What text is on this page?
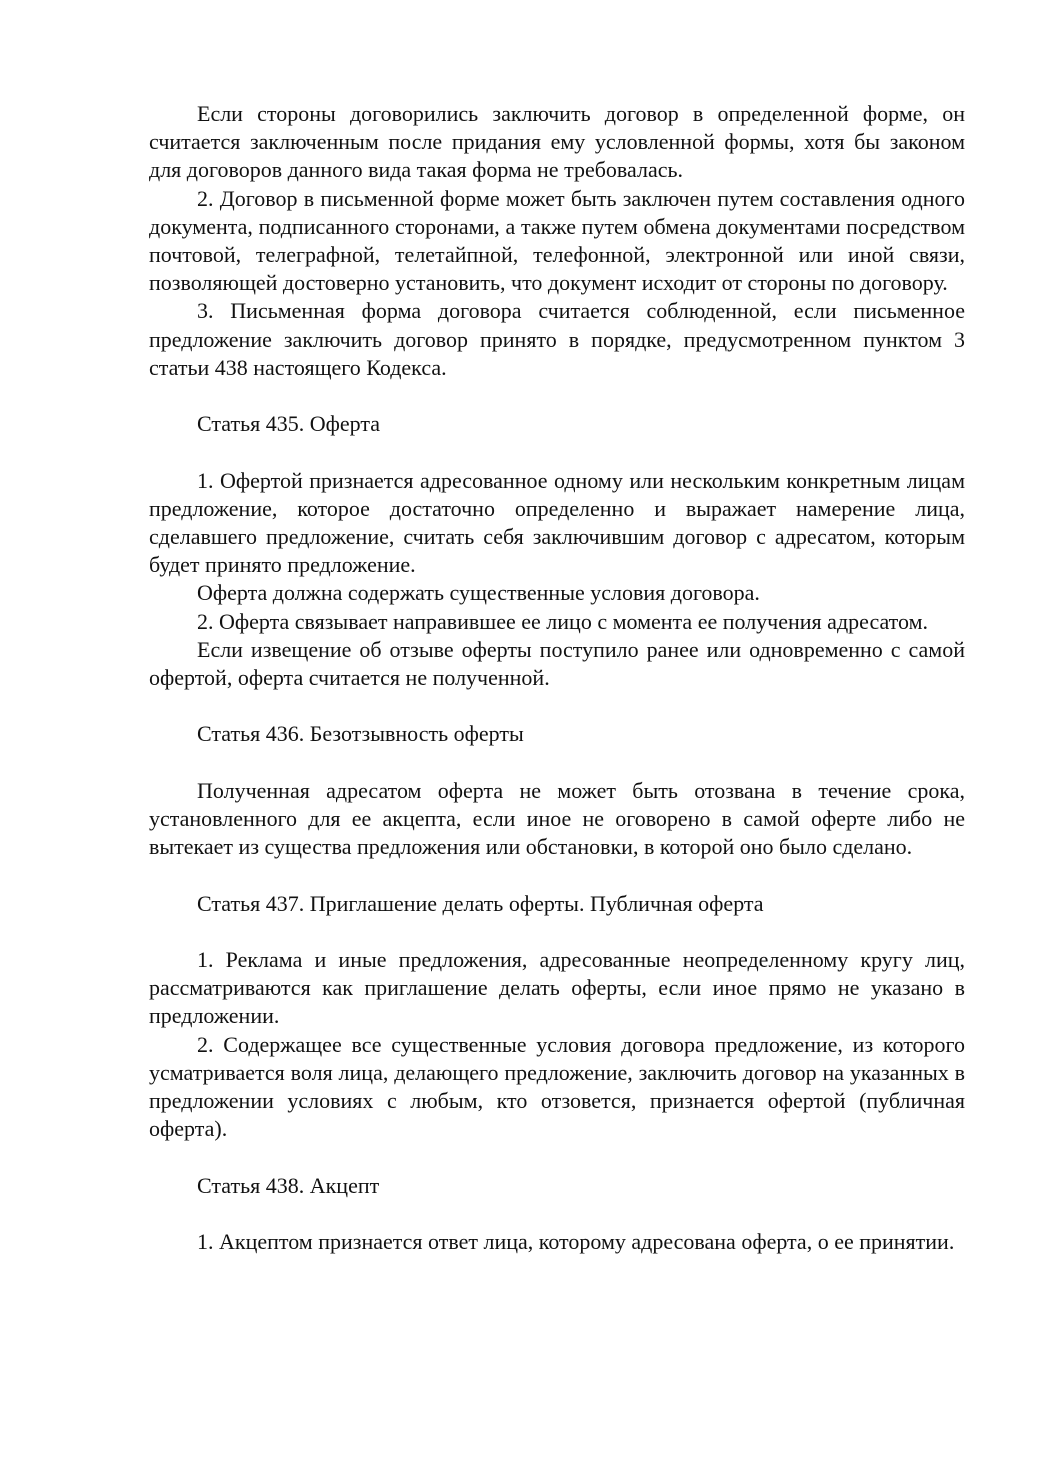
Если стороны договорились заключить договор в определенной форме, он считается заключенным после придания ему условленной формы, хотя бы законом для договоров данного вида такая форма не требовалась.

2. Договор в письменной форме может быть заключен путем составления одного документа, подписанного сторонами, а также путем обмена документами посредством почтовой, телеграфной, телетайпной, телефонной, электронной или иной связи, позволяющей достоверно установить, что документ исходит от стороны по договору.

3. Письменная форма договора считается соблюденной, если письменное предложение заключить договор принято в порядке, предусмотренном пунктом 3 статьи 438 настоящего Кодекса.

Статья 435. Оферта

1. Офертой признается адресованное одному или нескольким конкретным лицам предложение, которое достаточно определенно и выражает намерение лица, сделавшего предложение, считать себя заключившим договор с адресатом, которым будет принято предложение.

Оферта должна содержать существенные условия договора.

2. Оферта связывает направившее ее лицо с момента ее получения адресатом.

Если извещение об отзыве оферты поступило ранее или одновременно с самой офертой, оферта считается не полученной.

Статья 436. Безотзывность оферты

Полученная адресатом оферта не может быть отозвана в течение срока, установленного для ее акцепта, если иное не оговорено в самой оферте либо не вытекает из существа предложения или обстановки, в которой оно было сделано.

Статья 437. Приглашение делать оферты. Публичная оферта

1. Реклама и иные предложения, адресованные неопределенному кругу лиц, рассматриваются как приглашение делать оферты, если иное прямо не указано в предложении.

2. Содержащее все существенные условия договора предложение, из которого усматривается воля лица, делающего предложение, заключить договор на указанных в предложении условиях с любым, кто отзовется, признается офертой (публичная оферта).

Статья 438. Акцепт

1. Акцептом признается ответ лица, которому адресована оферта, о ее принятии.
